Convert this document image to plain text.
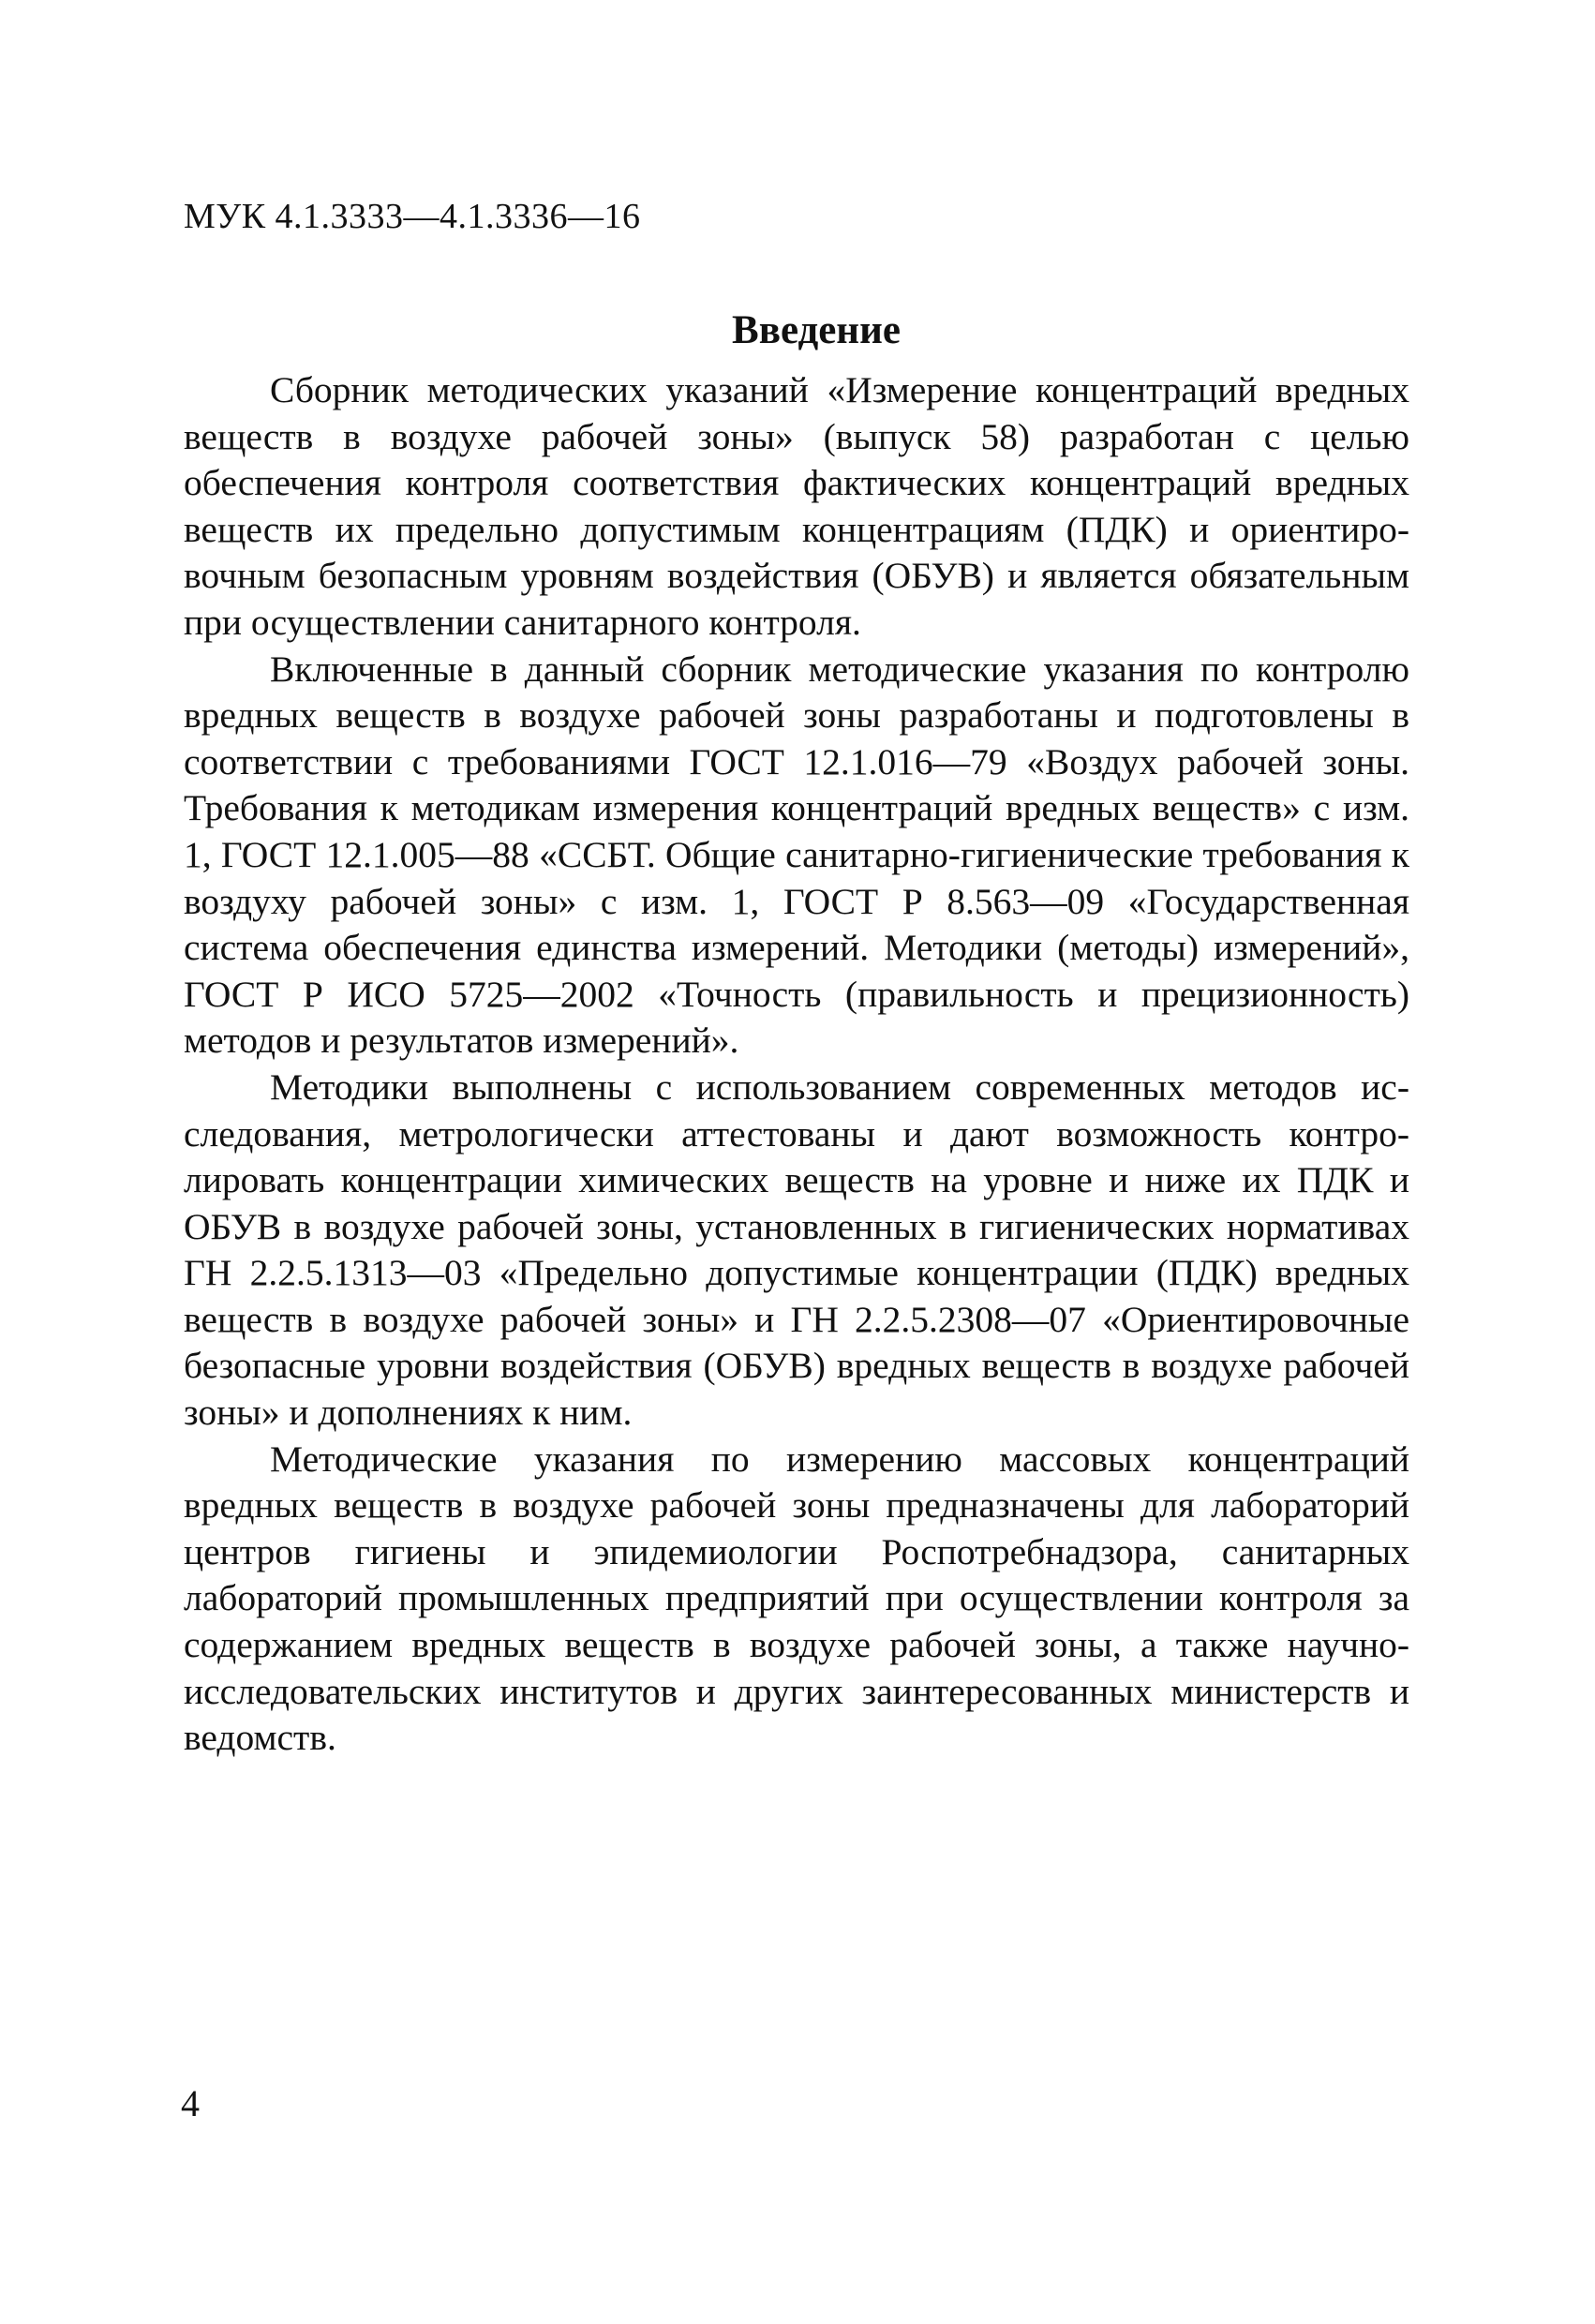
МУК 4.1.3333—4.1.3336—16
Введение

Сборник методических указаний «Измерение концентраций вредных веществ в воздухе рабочей зоны» (выпуск 58) разработан с целью обеспечения контроля соответствия фактических концентраций вредных веществ их предельно допустимым концентрациям (ПДК) и ориентировочным безопасным уровням воздействия (ОБУВ) и является обязательным при осуществлении санитарного контроля.

Включенные в данный сборник методические указания по контролю вредных веществ в воздухе рабочей зоны разработаны и подготовлены в соответствии с требованиями ГОСТ 12.1.016—79 «Воздух рабочей зоны. Требования к методикам измерения концентраций вредных веществ» с изм. 1, ГОСТ 12.1.005—88 «ССБТ. Общие санитарно-гигиенические требования к воздуху рабочей зоны» с изм. 1, ГОСТ Р 8.563—09 «Государственная система обеспечения единства измерений. Методики (методы) измерений», ГОСТ Р ИСО 5725—2002 «Точность (правильность и прецизионность) методов и результатов измерений».

Методики выполнены с использованием современных методов исследования, метрологически аттестованы и дают возможность контролировать концентрации химических веществ на уровне и ниже их ПДК и ОБУВ в воздухе рабочей зоны, установленных в гигиенических нормативах ГН 2.2.5.1313—03 «Предельно допустимые концентрации (ПДК) вредных веществ в воздухе рабочей зоны» и ГН 2.2.5.2308—07 «Ориентировочные безопасные уровни воздействия (ОБУВ) вредных веществ в воздухе рабочей зоны» и дополнениях к ним.

Методические указания по измерению массовых концентраций вредных веществ в воздухе рабочей зоны предназначены для лабораторий центров гигиены и эпидемиологии Роспотребнадзора, санитарных лабораторий промышленных предприятий при осуществлении контроля за содержанием вредных веществ в воздухе рабочей зоны, а также научно-исследовательских институтов и других заинтересованных министерств и ведомств.

4
